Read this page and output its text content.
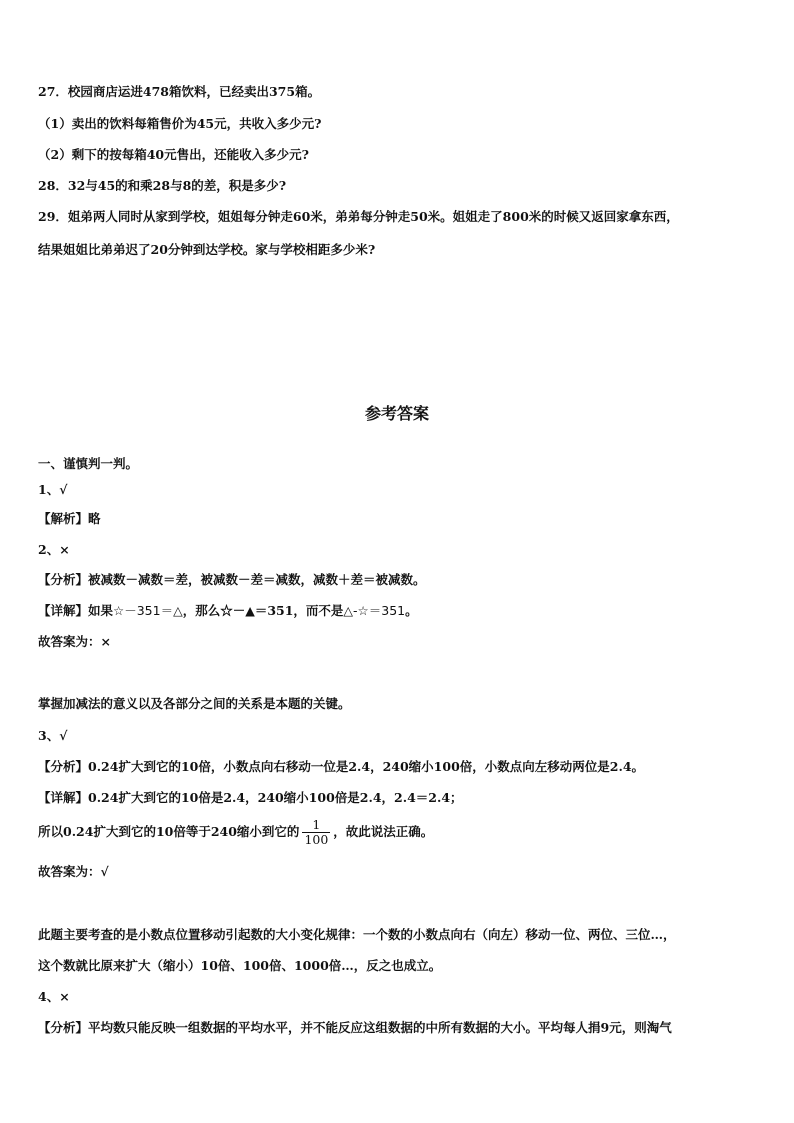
27．校园商店运进478箱饮料，已经卖出375箱。
（1）卖出的饮料每箱售价为45元，共收入多少元?
（2）剩下的按每箱40元售出，还能收入多少元?
28．32与45的和乘28与8的差，积是多少?
29．姐弟两人同时从家到学校，姐姐每分钟走60米，弟弟每分钟走50米。姐姐走了800米的时候又返回家拿东西，
结果姐姐比弟弟迟了20分钟到达学校。家与学校相距多少米?
参考答案
一、谨慎判一判。
1、√
【解析】略
2、×
【分析】被减数－减数＝差，被减数－差＝减数，减数＋差＝被减数。
【详解】如果☆－351＝△，那么☆－▲＝351，而不是△-☆＝351。
故答案为：×
掌握加减法的意义以及各部分之间的关系是本题的关键。
3、√
【分析】0.24扩大到它的10倍，小数点向右移动一位是2.4，240缩小100倍，小数点向左移动两位是2.4。
【详解】0.24扩大到它的10倍是2.4，240缩小100倍是2.4，2.4＝2.4；
所以0.24扩大到它的10倍等于240缩小到它的 $\frac{1}{100}$ ，故此说法正确。
故答案为：√
此题主要考查的是小数点位置移动引起数的大小变化规律：一个数的小数点向右（向左）移动一位、两位、三位…，
这个数就比原来扩大（缩小）10倍、100倍、1000倍…，反之也成立。
4、×
【分析】平均数只能反映一组数据的平均水平，并不能反应这组数据的中所有数据的大小。平均每人捐9元，则淘气
